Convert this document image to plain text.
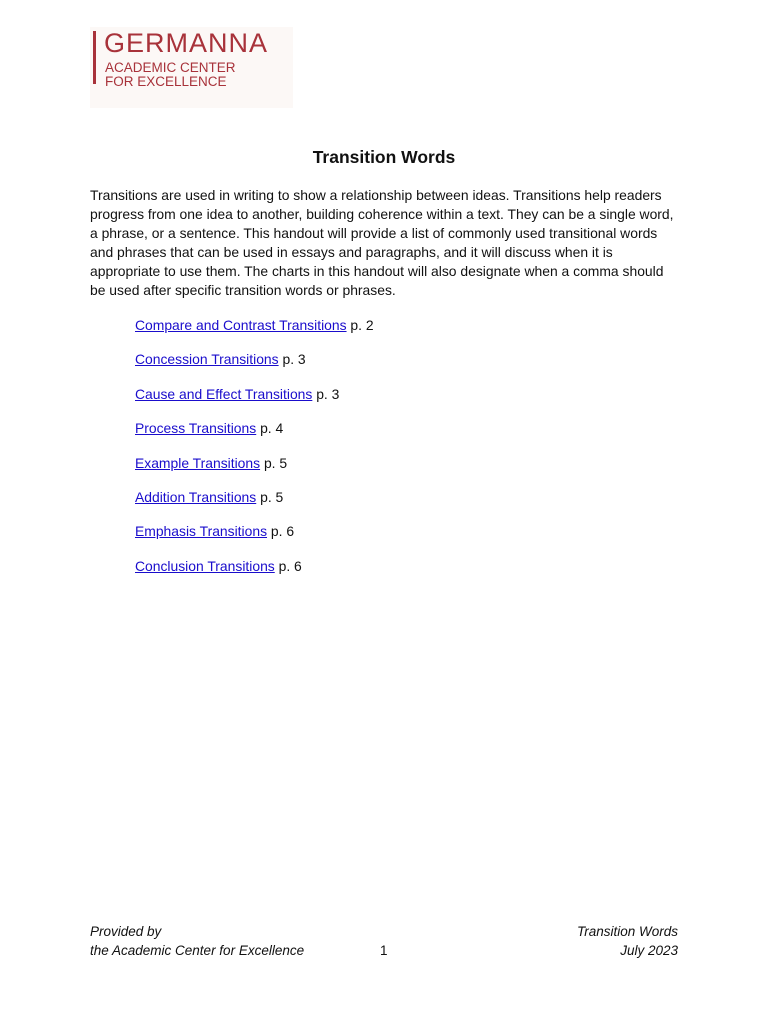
GERMANNA
ACADEMIC CENTER
FOR EXCELLENCE
Transition Words
Transitions are used in writing to show a relationship between ideas. Transitions help readers progress from one idea to another, building coherence within a text. They can be a single word, a phrase, or a sentence. This handout will provide a list of commonly used transitional words and phrases that can be used in essays and paragraphs, and it will discuss when it is appropriate to use them. The charts in this handout will also designate when a comma should be used after specific transition words or phrases.
Compare and Contrast Transitions p. 2
Concession Transitions p. 3
Cause and Effect Transitions p. 3
Process Transitions p. 4
Example Transitions p. 5
Addition Transitions p. 5
Emphasis Transitions p. 6
Conclusion Transitions p. 6
Provided by
the Academic Center for Excellence	1
Transition Words
July 2023
